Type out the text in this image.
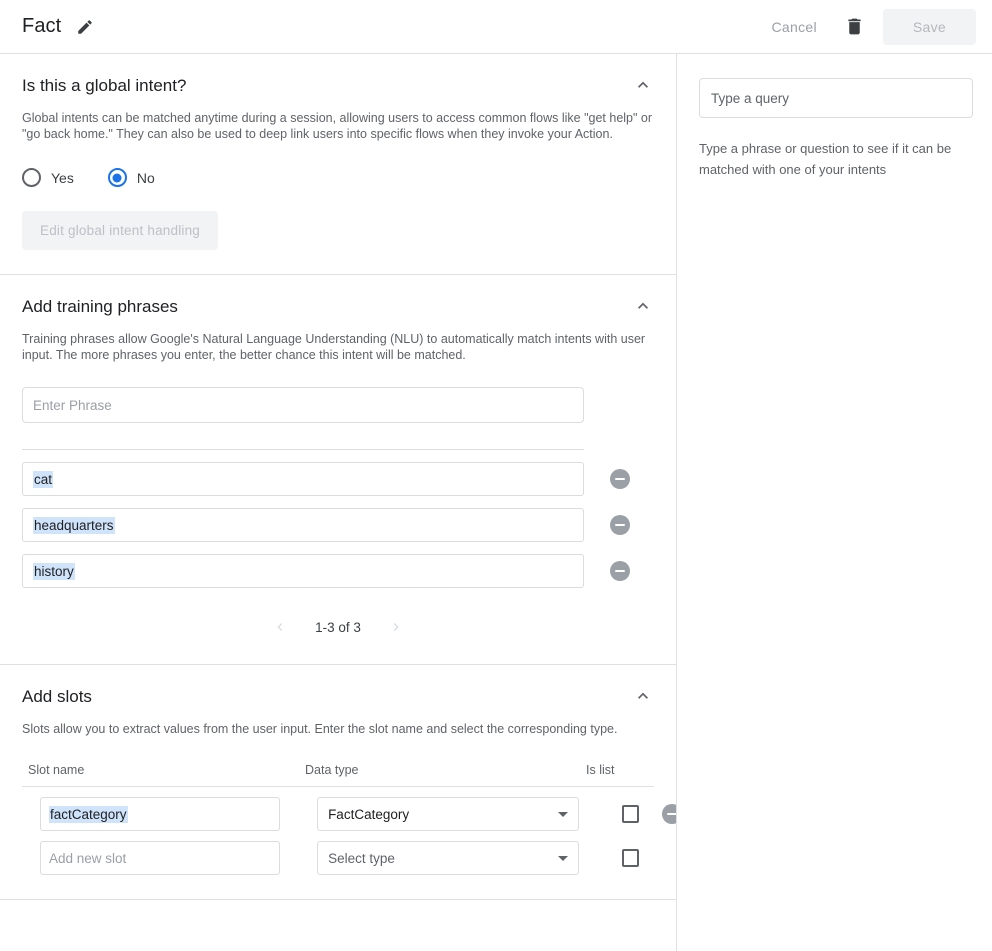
Fact	Cancel	Save
Is this a global intent?
Global intents can be matched anytime during a session, allowing users to access common flows like "get help" or "go back home." They can also be used to deep link users into specific flows when they invoke your Action.
Yes	No
Edit global intent handling
Add training phrases
Training phrases allow Google's Natural Language Understanding (NLU) to automatically match intents with user input. The more phrases you enter, the better chance this intent will be matched.
Enter Phrase
cat
headquarters
history
1-3 of 3
Add slots
Slots allow you to extract values from the user input. Enter the slot name and select the corresponding type.
Slot name	Data type	Is list
factCategory	FactCategory
Add new slot	Select type
Type a query
Type a phrase or question to see if it can be matched with one of your intents
